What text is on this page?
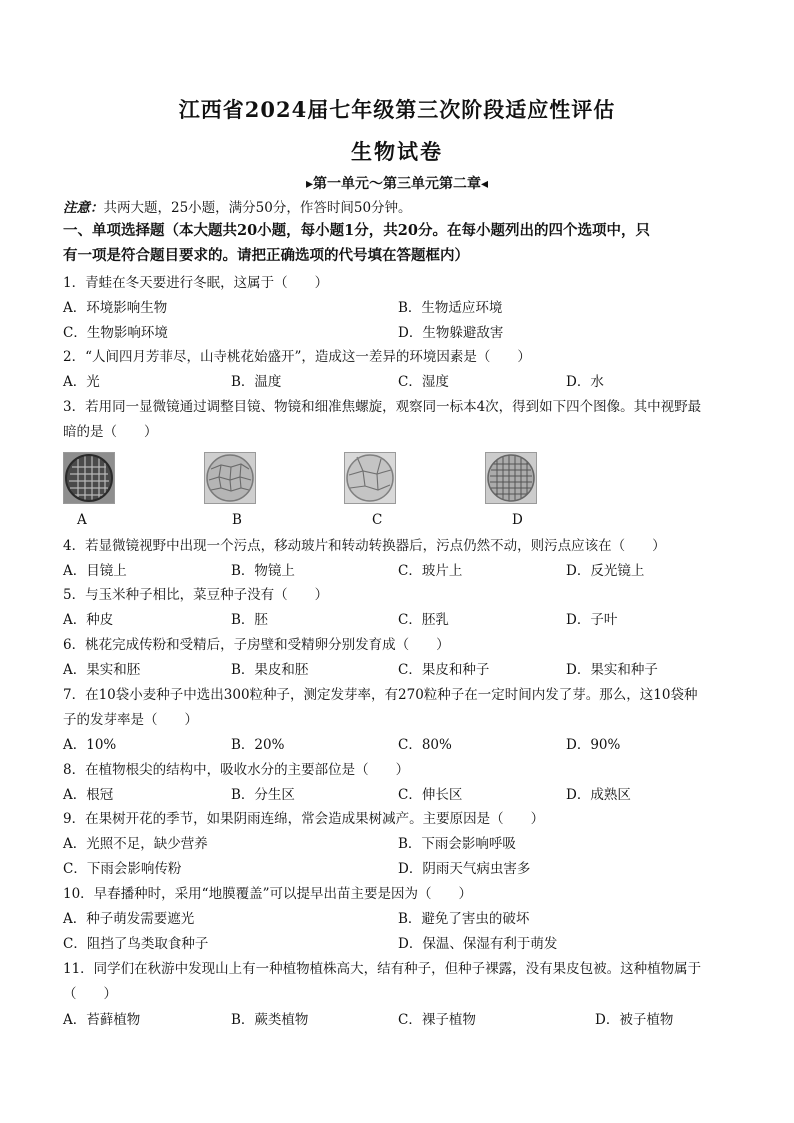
江西省2024届七年级第三次阶段适应性评估
生物试卷
▸第一单元～第三单元第二章◂
注意：共两大题，25小题，满分50分，作答时间50分钟。
一、单项选择题（本大题共20小题，每小题1分，共20分。在每小题列出的四个选项中，只
有一项是符合题目要求的。请把正确选项的代号填在答题框内）
1．青蛙在冬天要进行冬眠，这属于（　　）
A．环境影响生物	B．生物适应环境
C．生物影响环境	D．生物躲避敌害
2．“人间四月芳菲尽，山寺桃花始盛开”，造成这一差异的环境因素是（　　）
A．光	B．温度	C．湿度	D．水
3．若用同一显微镜通过调整目镜、物镜和细准焦螺旋，观察同一标本4次，得到如下四个图像。其中视野最
暗的是（　　）
A	B	C	D
4．若显微镜视野中出现一个污点，移动玻片和转动转换器后，污点仍然不动，则污点应该在（　　）
A．目镜上	B．物镜上	C．玻片上	D．反光镜上
5．与玉米种子相比，菜豆种子没有（　　）
A．种皮	B．胚	C．胚乳	D．子叶
6．桃花完成传粉和受精后，子房壁和受精卵分别发育成（　　）
A．果实和胚	B．果皮和胚	C．果皮和种子	D．果实和种子
7．在10袋小麦种子中选出300粒种子，测定发芽率，有270粒种子在一定时间内发了芽。那么，这10袋种
子的发芽率是（　　）
A．10%	B．20%	C．80%	D．90%
8．在植物根尖的结构中，吸收水分的主要部位是（　　）
A．根冠	B．分生区	C．伸长区	D．成熟区
9．在果树开花的季节，如果阴雨连绵，常会造成果树减产。主要原因是（　　）
A．光照不足，缺少营养	B．下雨会影响呼吸
C．下雨会影响传粉	D．阴雨天气病虫害多
10．早春播种时，采用“地膜覆盖”可以提早出苗主要是因为（　　）
A．种子萌发需要遮光	B．避免了害虫的破坏
C．阻挡了鸟类取食种子	D．保温、保湿有利于萌发
11．同学们在秋游中发现山上有一种植物植株高大，结有种子，但种子裸露，没有果皮包被。这种植物属于
（　　）
A．苔藓植物	B．蕨类植物	C．裸子植物	D．被子植物
